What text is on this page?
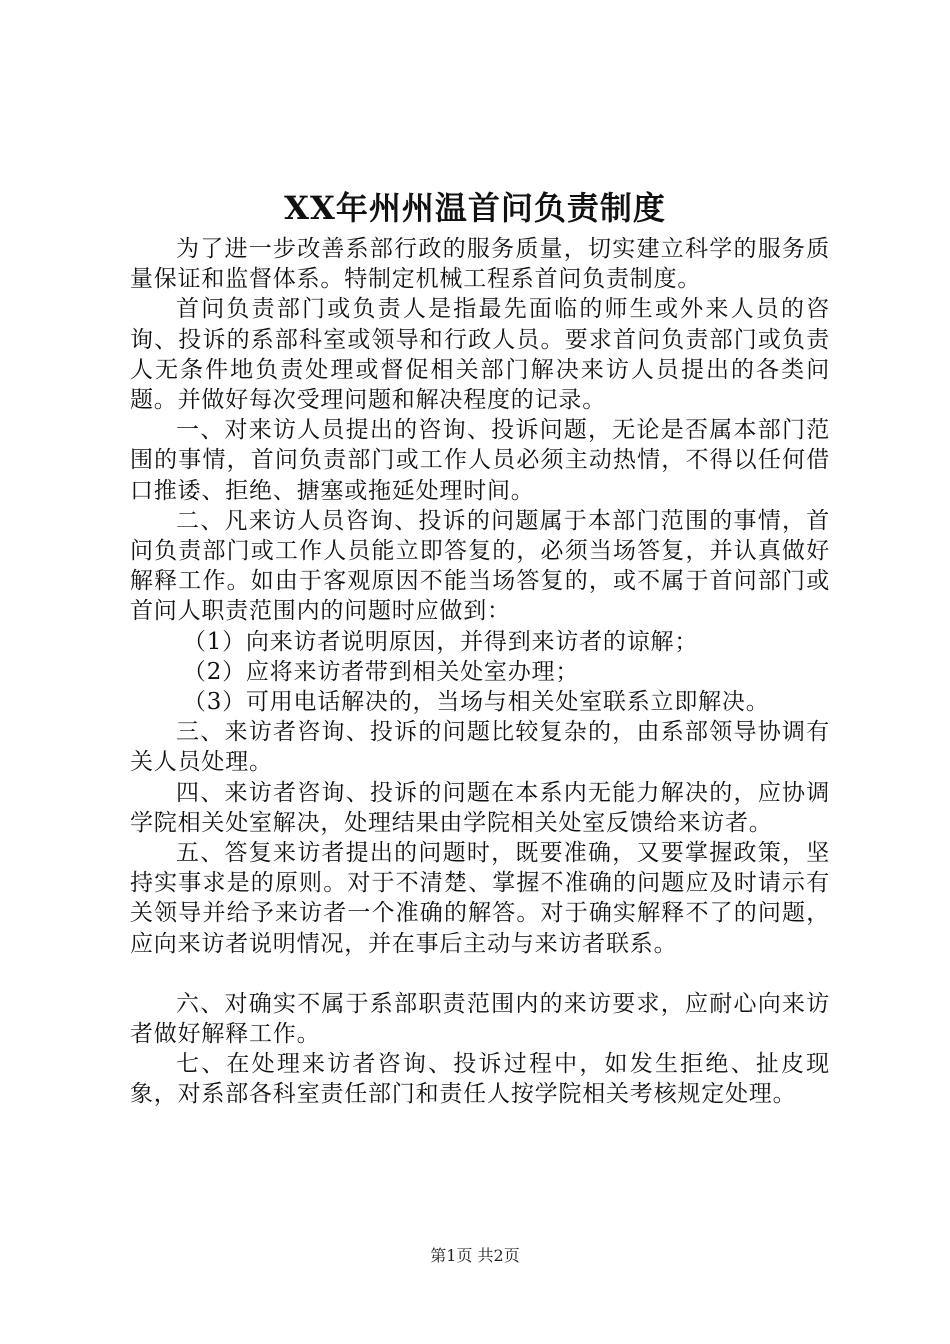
XX年州州温首问负责制度

为了进一步改善系部行政的服务质量，切实建立科学的服务质量保证和监督体系。特制定机械工程系首问负责制度。

首问负责部门或负责人是指最先面临的师生或外来人员的咨询、投诉的系部科室或领导和行政人员。要求首问负责部门或负责人无条件地负责处理或督促相关部门解决来访人员提出的各类问题。并做好每次受理问题和解决程度的记录。

一、对来访人员提出的咨询、投诉问题，无论是否属本部门范围的事情，首问负责部门或工作人员必须主动热情，不得以任何借口推诿、拒绝、搪塞或拖延处理时间。

二、凡来访人员咨询、投诉的问题属于本部门范围的事情，首问负责部门或工作人员能立即答复的，必须当场答复，并认真做好解释工作。如由于客观原因不能当场答复的，或不属于首问部门或首问人职责范围内的问题时应做到：

（1）向来访者说明原因，并得到来访者的谅解；

（2）应将来访者带到相关处室办理；

（3）可用电话解决的，当场与相关处室联系立即解决。

三、来访者咨询、投诉的问题比较复杂的，由系部领导协调有关人员处理。

四、来访者咨询、投诉的问题在本系内无能力解决的，应协调学院相关处室解决，处理结果由学院相关处室反馈给来访者。

五、答复来访者提出的问题时，既要准确，又要掌握政策，坚持实事求是的原则。对于不清楚、掌握不准确的问题应及时请示有关领导并给予来访者一个准确的解答。对于确实解释不了的问题，应向来访者说明情况，并在事后主动与来访者联系。

六、对确实不属于系部职责范围内的来访要求，应耐心向来访者做好解释工作。

七、在处理来访者咨询、投诉过程中，如发生拒绝、扯皮现象，对系部各科室责任部门和责任人按学院相关考核规定处理。

第1页 共2页
